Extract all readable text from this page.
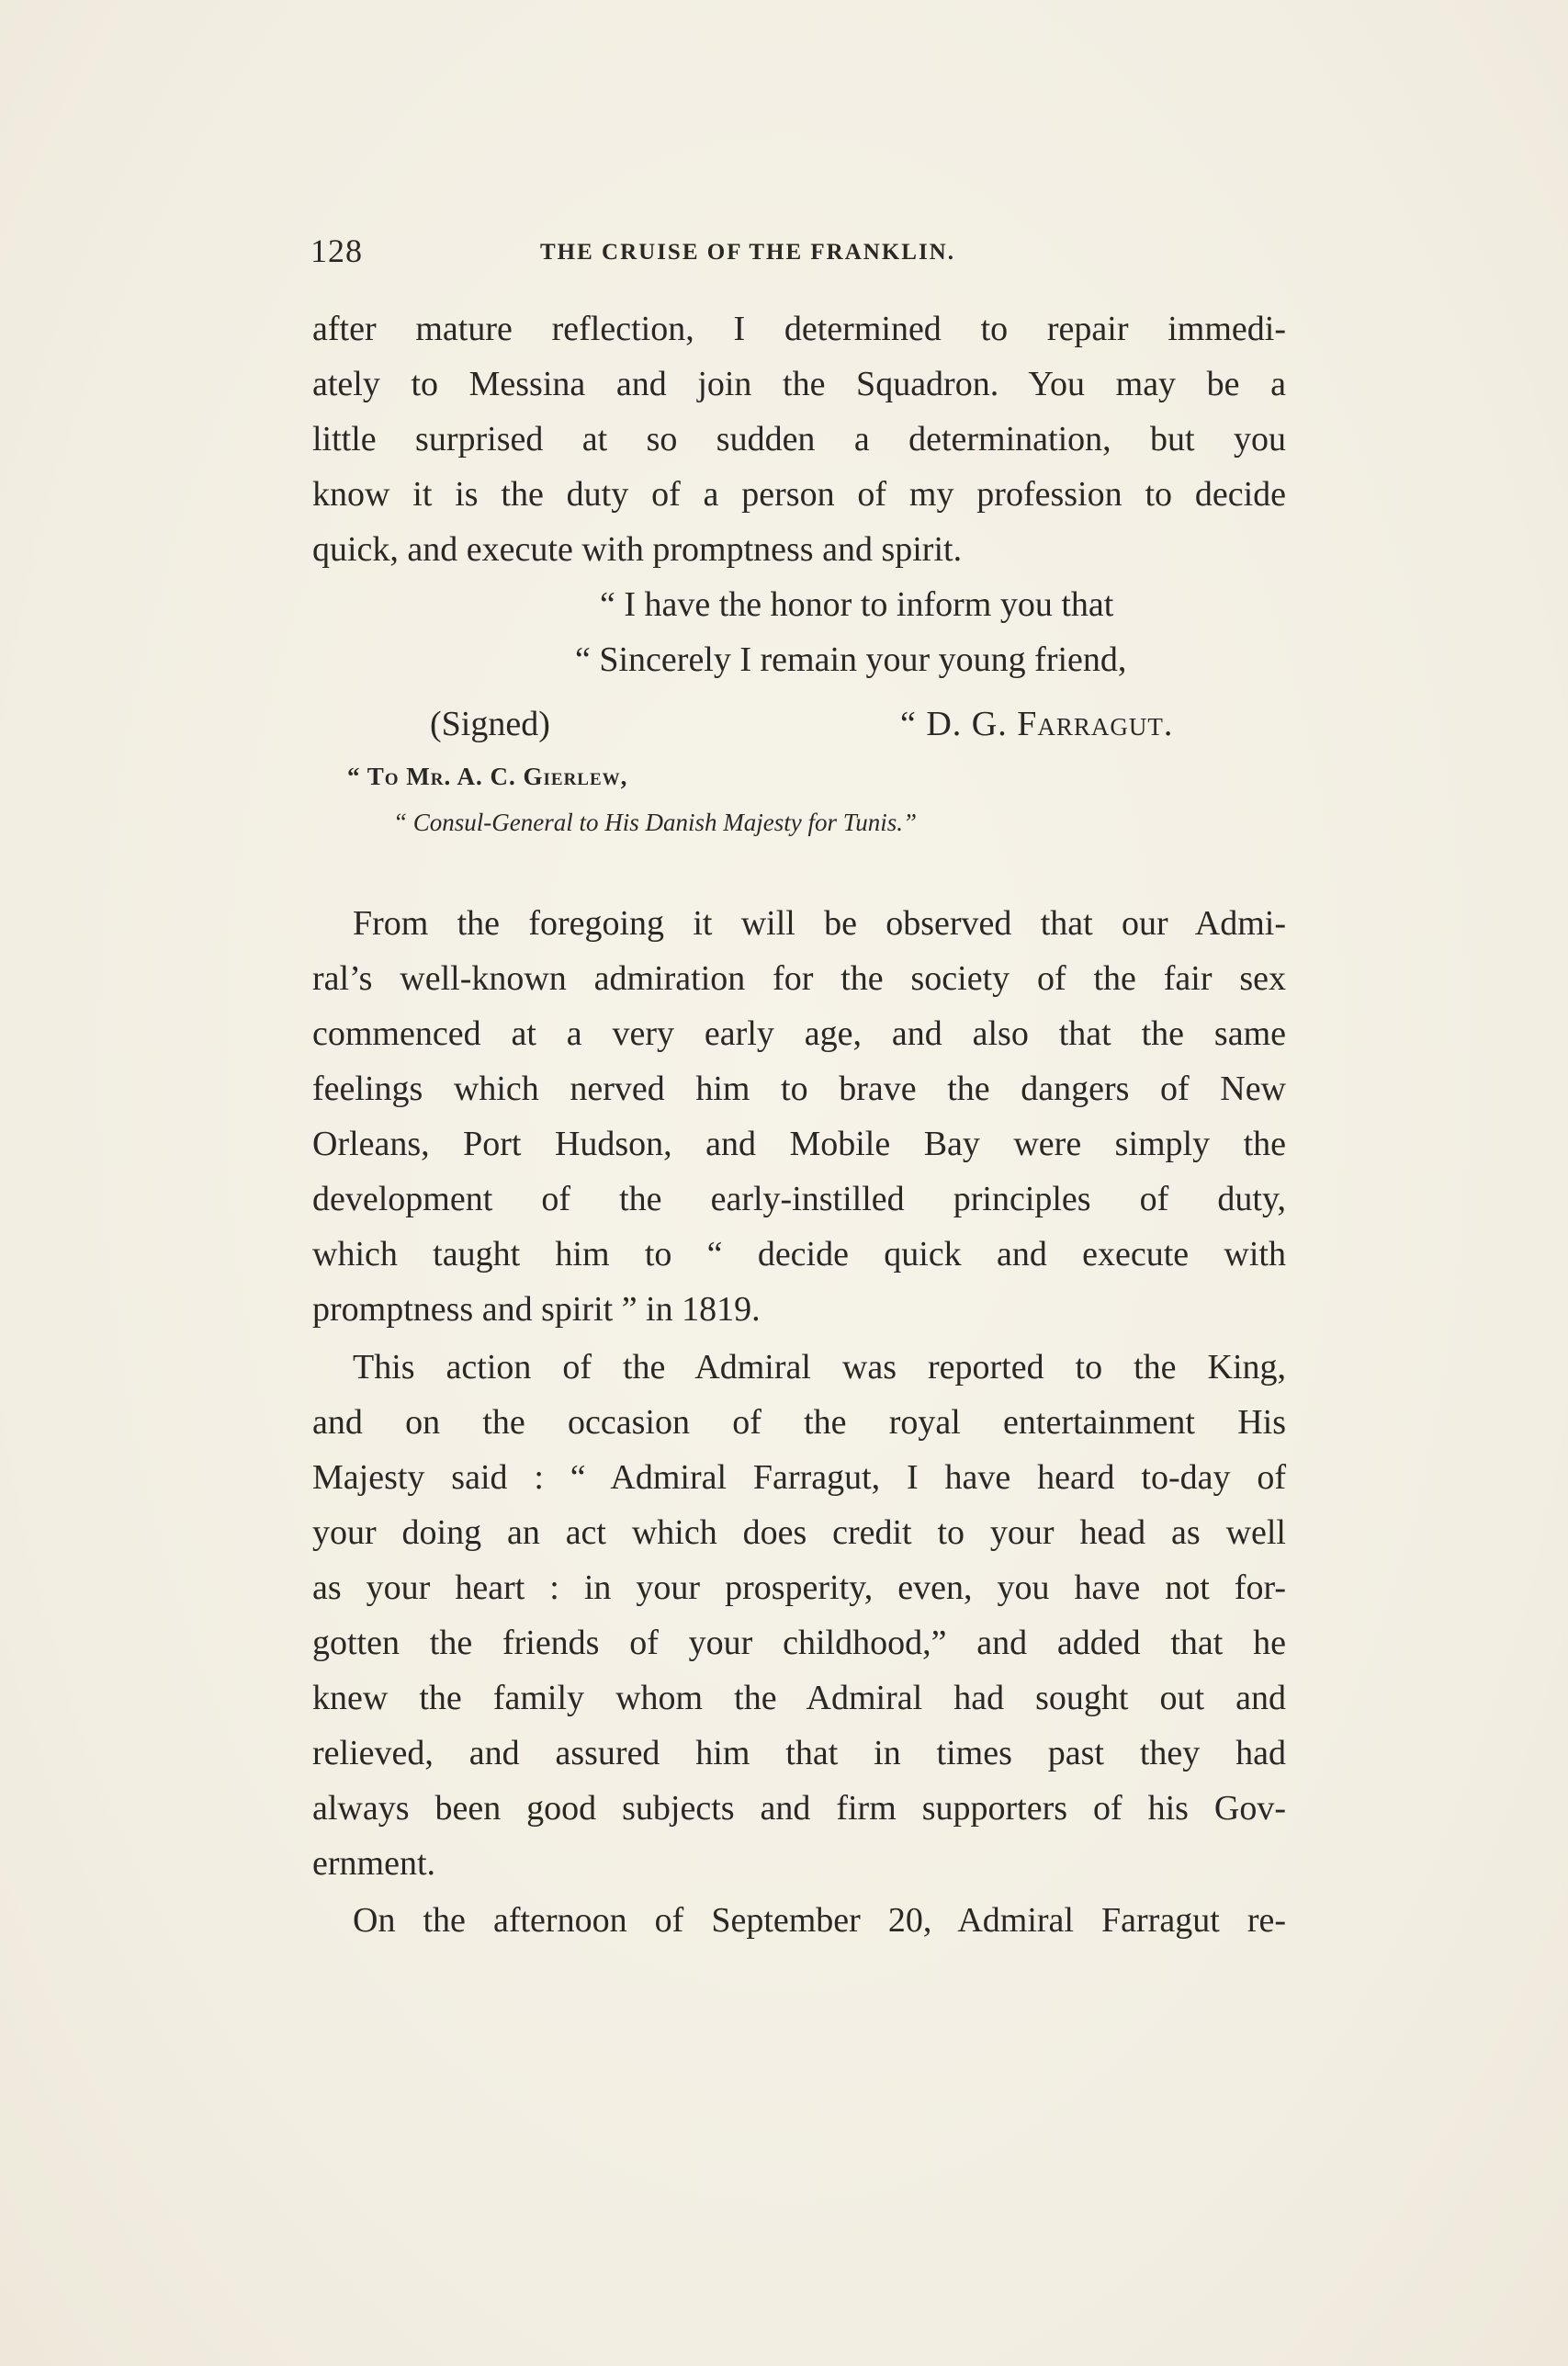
128	THE CRUISE OF THE FRANKLIN.
after mature reflection, I determined to repair immedi-
ately to Messina and join the Squadron. You may be a
little surprised at so sudden a determination, but you
know it is the duty of a person of my profession to decide
quick, and execute with promptness and spirit.
“ I have the honor to inform you that
“ Sincerely I remain your young friend,
(Signed)	“ D. G. Farragut.
“ To Mr. A. C. Gierlew,
“ Consul-General to His Danish Majesty for Tunis.”
From the foregoing it will be observed that our Admi-
ral’s well-known admiration for the society of the fair sex
commenced at a very early age, and also that the same
feelings which nerved him to brave the dangers of New
Orleans, Port Hudson, and Mobile Bay were simply the
development of the early-instilled principles of duty,
which taught him to “ decide quick and execute with
promptness and spirit ” in 1819.
This action of the Admiral was reported to the King,
and on the occasion of the royal entertainment His
Majesty said : “ Admiral Farragut, I have heard to-day of
your doing an act which does credit to your head as well
as your heart : in your prosperity, even, you have not for-
gotten the friends of your childhood,” and added that he
knew the family whom the Admiral had sought out and
relieved, and assured him that in times past they had
always been good subjects and firm supporters of his Gov-
ernment.
On the afternoon of September 20, Admiral Farragut re-
